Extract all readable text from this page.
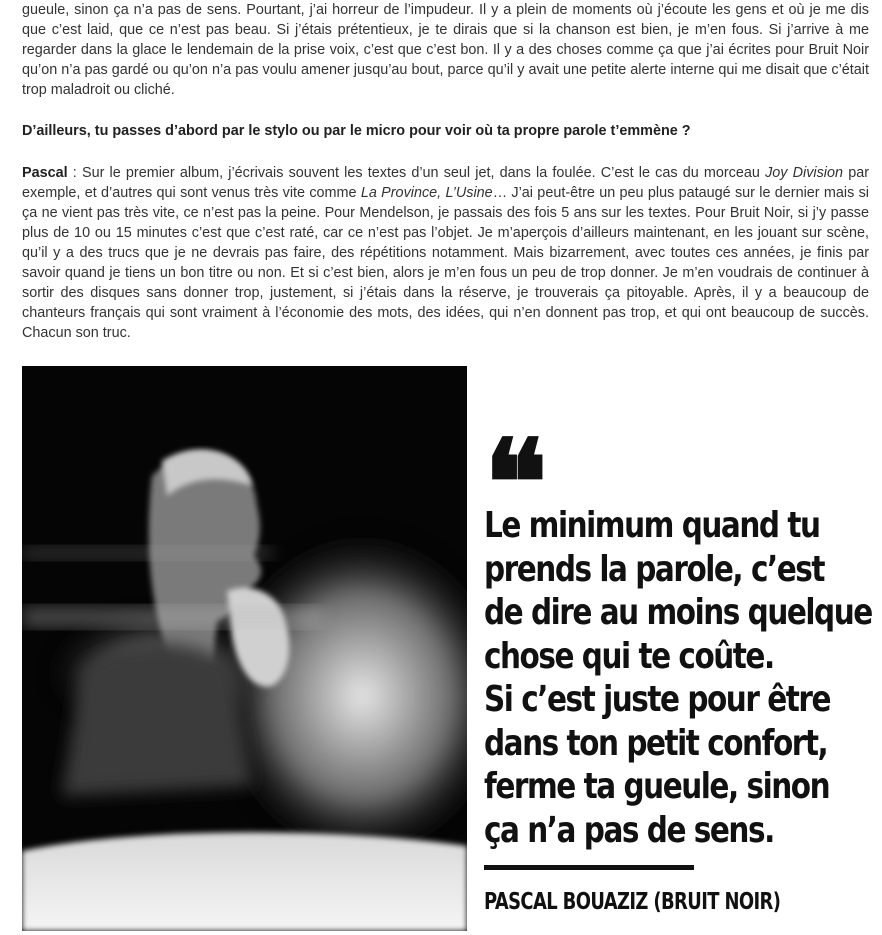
gueule, sinon ça n’a pas de sens. Pourtant, j’ai horreur de l’impudeur. Il y a plein de moments où j’écoute les gens et où je me dis que c’est laid, que ce n’est pas beau. Si j’étais prétentieux, je te dirais que si la chanson est bien, je m’en fous. Si j’arrive à me regarder dans la glace le lendemain de la prise voix, c’est que c’est bon. Il y a des choses comme ça que j’ai écrites pour Bruit Noir qu’on n’a pas gardé ou qu’on n’a pas voulu amener jusqu’au bout, parce qu’il y avait une petite alerte interne qui me disait que c’était trop maladroit ou cliché.

D’ailleurs, tu passes d’abord par le stylo ou par le micro pour voir où ta propre parole t’emmène ?

Pascal : Sur le premier album, j’écrivais souvent les textes d’un seul jet, dans la foulée. C’est le cas du morceau Joy Division par exemple, et d’autres qui sont venus très vite comme La Province, L’Usine… J’ai peut-être un peu plus pataugé sur le dernier mais si ça ne vient pas très vite, ce n’est pas la peine. Pour Mendelson, je passais des fois 5 ans sur les textes. Pour Bruit Noir, si j’y passe plus de 10 ou 15 minutes c’est que c’est raté, car ce n’est pas l’objet. Je m’aperçois d’ailleurs maintenant, en les jouant sur scène, qu’il y a des trucs que je ne devrais pas faire, des répétitions notamment. Mais bizarrement, avec toutes ces années, je finis par savoir quand je tiens un bon titre ou non. Et si c’est bien, alors je m’en fous un peu de trop donner. Je m’en voudrais de continuer à sortir des disques sans donner trop, justement, si j’étais dans la réserve, je trouverais ça pitoyable. Après, il y a beaucoup de chanteurs français qui sont vraiment à l’économie des mots, des idées, qui n’en donnent pas trop, et qui ont beaucoup de succès. Chacun son truc.

❝

Le minimum quand tu
prends la parole, c’est
de dire au moins quelque
chose qui te coûte.
Si c’est juste pour être
dans ton petit confort,
ferme ta gueule, sinon
ça n’a pas de sens.

PASCAL BOUAZIZ (BRUIT NOIR)
